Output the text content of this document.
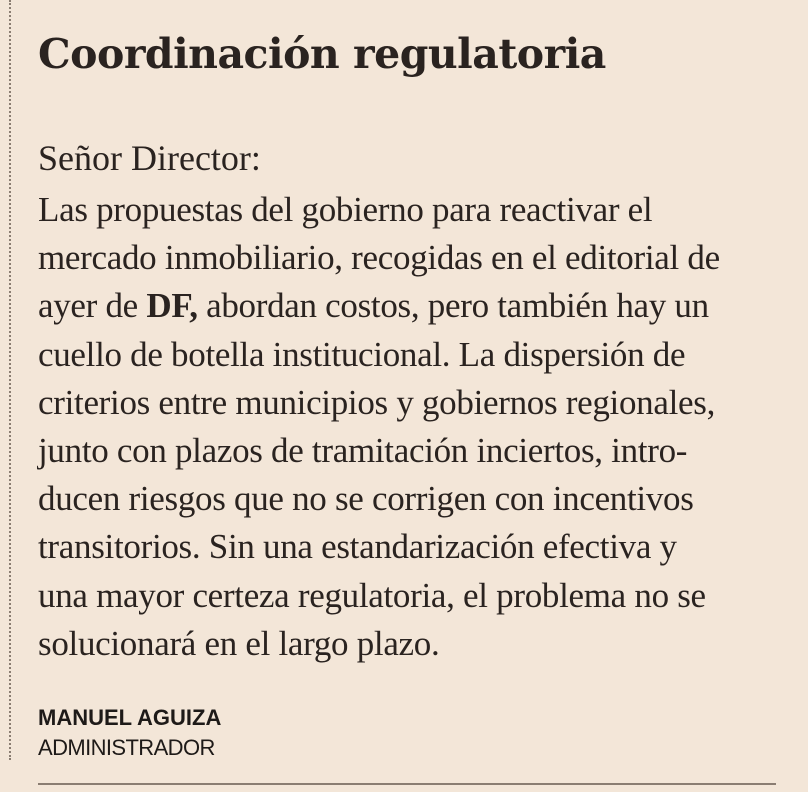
Coordinación regulatoria

Señor Director:

Las propuestas del gobierno para reactivar el
mercado inmobiliario, recogidas en el editorial de
ayer de DF, abordan costos, pero también hay un
cuello de botella institucional. La dispersión de
criterios entre municipios y gobiernos regionales,
junto con plazos de tramitación inciertos, intro-
ducen riesgos que no se corrigen con incentivos
transitorios. Sin una estandarización efectiva y
una mayor certeza regulatoria, el problema no se
solucionará en el largo plazo.

MANUEL AGUIZA

ADMINISTRADOR
